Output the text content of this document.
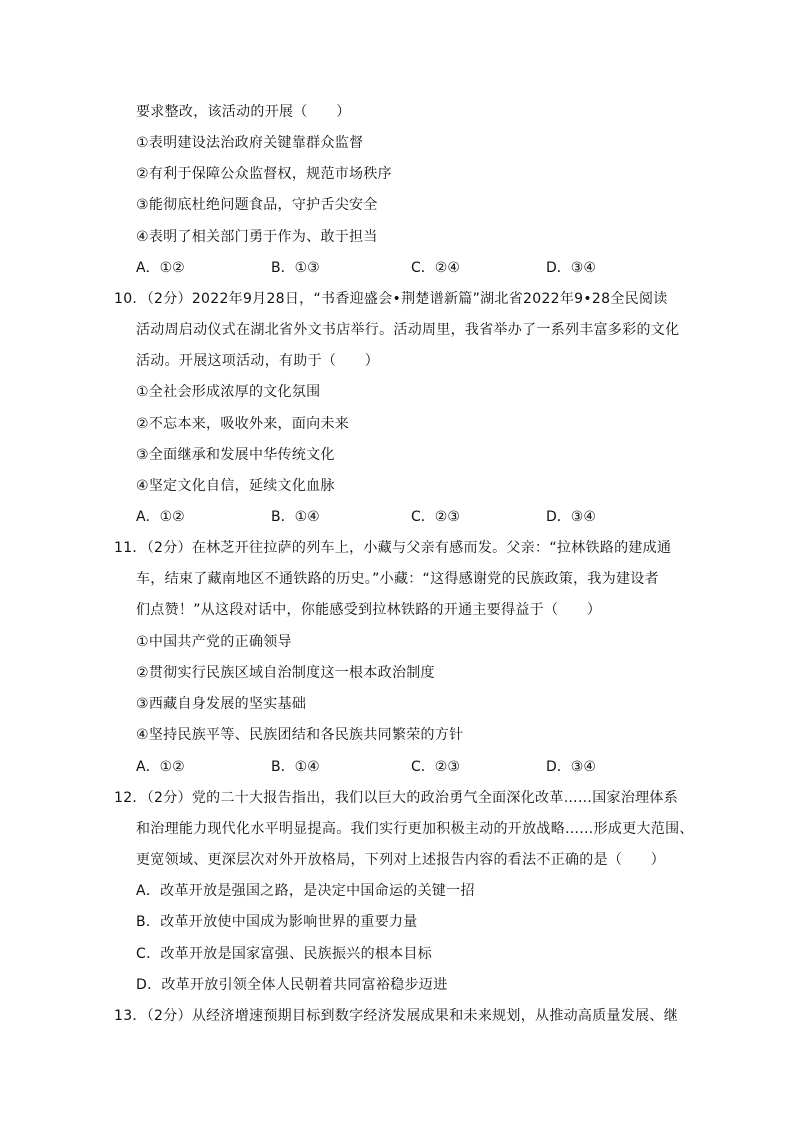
要求整改，该活动的开展（　　）
①表明建设法治政府关键靠群众监督
②有利于保障公众监督权，规范市场秩序
③能彻底杜绝问题食品，守护舌尖安全
④表明了相关部门勇于作为、敢于担当
A．①②	B．①③	C．②④	D．③④
10．（2分）2022年9月28日，“书香迎盛会•荆楚谱新篇”湖北省2022年9•28全民阅读
活动周启动仪式在湖北省外文书店举行。活动周里，我省举办了一系列丰富多彩的文化
活动。开展这项活动，有助于（　　）
①全社会形成浓厚的文化氛围
②不忘本来，吸收外来，面向未来
③全面继承和发展中华传统文化
④坚定文化自信，延续文化血脉
A．①②	B．①④	C．②③	D．③④
11．（2分）在林芝开往拉萨的列车上，小藏与父亲有感而发。父亲：“拉林铁路的建成通
车，结束了藏南地区不通铁路的历史。”小藏：“这得感谢党的民族政策，我为建设者
们点赞！”从这段对话中，你能感受到拉林铁路的开通主要得益于（　　）
①中国共产党的正确领导
②贯彻实行民族区域自治制度这一根本政治制度
③西藏自身发展的坚实基础
④坚持民族平等、民族团结和各民族共同繁荣的方针
A．①②	B．①④	C．②③	D．③④
12．（2分）党的二十大报告指出，我们以巨大的政治勇气全面深化改革……国家治理体系
和治理能力现代化水平明显提高。我们实行更加积极主动的开放战略……形成更大范围、
更宽领域、更深层次对外开放格局，下列对上述报告内容的看法不正确的是（　　）
A．改革开放是强国之路，是决定中国命运的关键一招
B．改革开放使中国成为影响世界的重要力量
C．改革开放是国家富强、民族振兴的根本目标
D．改革开放引领全体人民朝着共同富裕稳步迈进
13．（2分）从经济增速预期目标到数字经济发展成果和未来规划，从推动高质量发展、继
